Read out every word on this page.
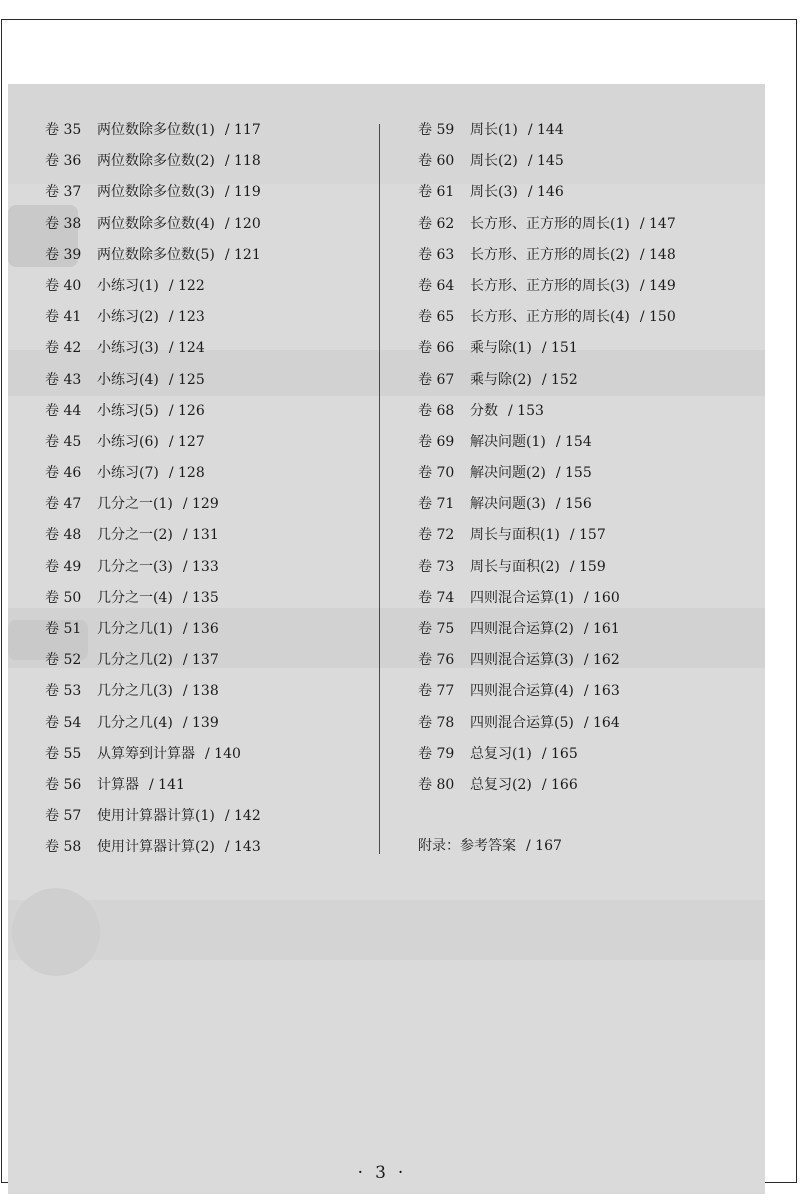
卷 35 两位数除多位数(1) / 117
卷 36 两位数除多位数(2) / 118
卷 37 两位数除多位数(3) / 119
卷 38 两位数除多位数(4) / 120
卷 39 两位数除多位数(5) / 121
卷 40 小练习(1) / 122
卷 41 小练习(2) / 123
卷 42 小练习(3) / 124
卷 43 小练习(4) / 125
卷 44 小练习(5) / 126
卷 45 小练习(6) / 127
卷 46 小练习(7) / 128
卷 47 几分之一(1) / 129
卷 48 几分之一(2) / 131
卷 49 几分之一(3) / 133
卷 50 几分之一(4) / 135
卷 51 几分之几(1) / 136
卷 52 几分之几(2) / 137
卷 53 几分之几(3) / 138
卷 54 几分之几(4) / 139
卷 55 从算筹到计算器 / 140
卷 56 计算器 / 141
卷 57 使用计算器计算(1) / 142
卷 58 使用计算器计算(2) / 143
卷 59 周长(1) / 144
卷 60 周长(2) / 145
卷 61 周长(3) / 146
卷 62 长方形、正方形的周长(1) / 147
卷 63 长方形、正方形的周长(2) / 148
卷 64 长方形、正方形的周长(3) / 149
卷 65 长方形、正方形的周长(4) / 150
卷 66 乘与除(1) / 151
卷 67 乘与除(2) / 152
卷 68 分数 / 153
卷 69 解决问题(1) / 154
卷 70 解决问题(2) / 155
卷 71 解决问题(3) / 156
卷 72 周长与面积(1) / 157
卷 73 周长与面积(2) / 159
卷 74 四则混合运算(1) / 160
卷 75 四则混合运算(2) / 161
卷 76 四则混合运算(3) / 162
卷 77 四则混合运算(4) / 163
卷 78 四则混合运算(5) / 164
卷 79 总复习(1) / 165
卷 80 总复习(2) / 166
附录：参考答案 / 167
· 3 ·
